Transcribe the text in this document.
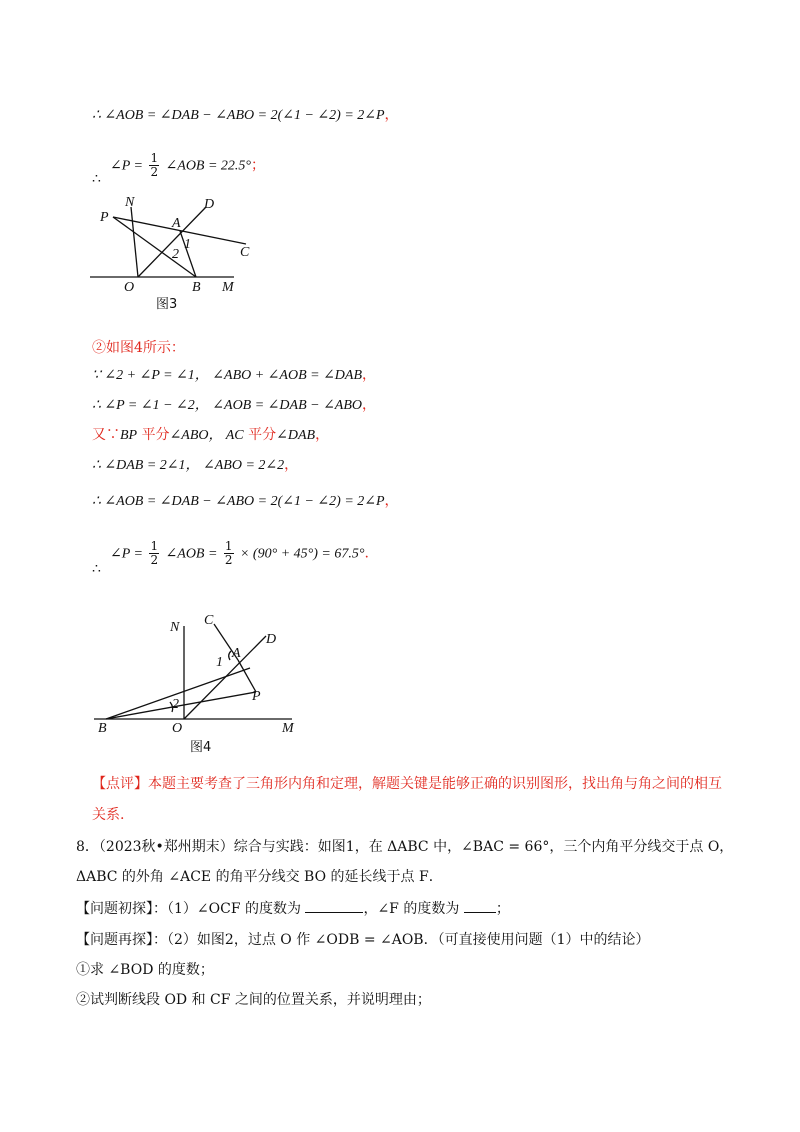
∴ ∠AOB = ∠DAB − ∠ABO = 2(∠1 − ∠2) = 2∠P，
∴
∠P = $\frac{1}{2}$ ∠AOB = 22.5°；
N	D
P	A
C
1
2
O	B M
图3
②如图4所示：
∵ ∠2 + ∠P = ∠1， ∠ABO + ∠AOB = ∠DAB，
∴ ∠P = ∠1 − ∠2， ∠AOB = ∠DAB − ∠ABO，
又∵BP 平分∠ABO， AC 平分∠DAB，
∴ ∠DAB = 2∠1， ∠ABO = 2∠2，
∴ ∠AOB = ∠DAB − ∠ABO = 2(∠1 − ∠2) = 2∠P，
∴
∠P = $\frac{1}{2}$ ∠AOB = $\frac{1}{2} \times (90^\circ + 45^\circ) = 67.5^\circ$.
N C
D
A
1
2
P
B	O	M
图4
【点评】本题主要考查了三角形内角和定理，解题关键是能够正确的识别图形，找出角与角之间的相互
关系.
8．（2023秋•郑州期末）综合与实践：如图1，在 ΔABC 中，∠BAC = 66°，三个内角平分线交于点 O，
ΔABC 的外角 ∠ACE 的角平分线交 BO 的延长线于点 F．
【问题初探】：（1）∠OCF 的度数为	，∠F 的度数为	；
【问题再探】：（2）如图2，过点 O 作 ∠ODB = ∠AOB．（可直接使用问题（1）中的结论）
①求 ∠BOD 的度数；
②试判断线段 OD 和 CF 之间的位置关系，并说明理由；
